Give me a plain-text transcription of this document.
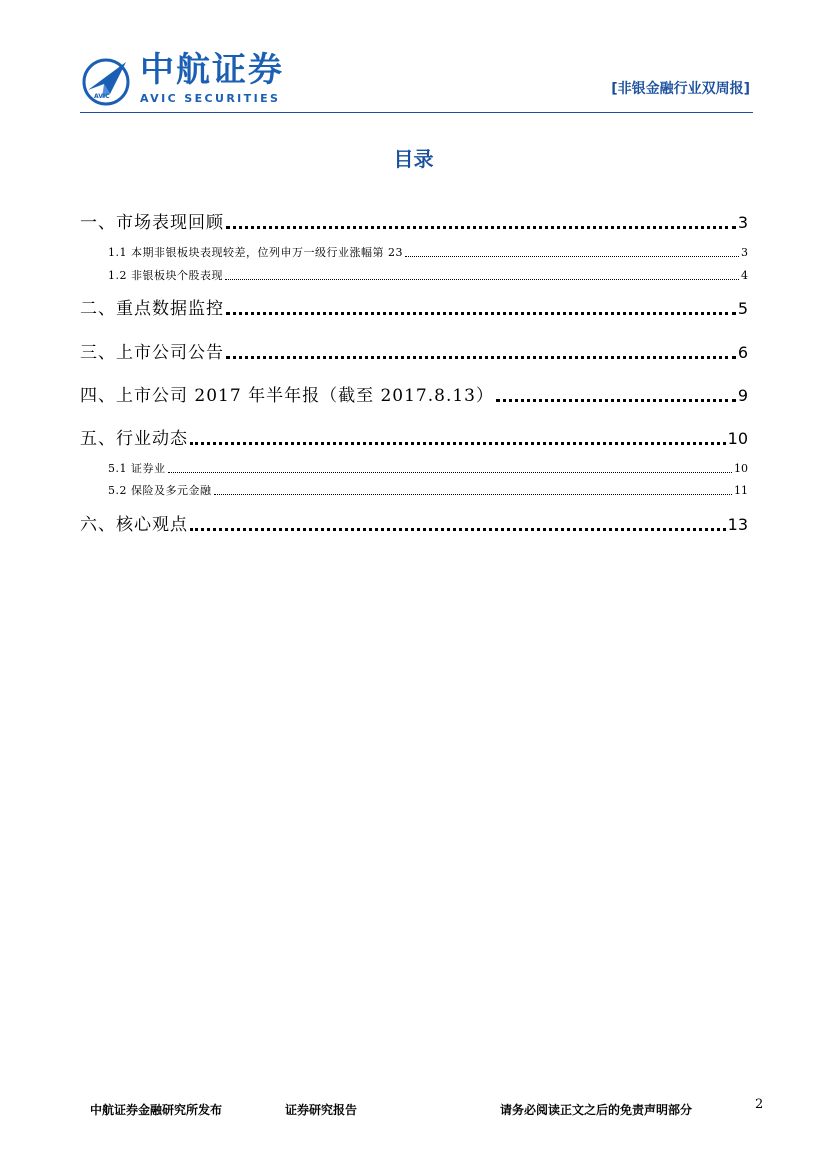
AVIC
中航证券
AVIC SECURITIES
[非银金融行业双周报]
目录
一、市场表现回顾	3
1.1 本期非银板块表现较差，位列申万一级行业涨幅第 23	3
1.2 非银板块个股表现	4
二、重点数据监控	5
三、上市公司公告	6
四、上市公司 2017 年半年报（截至 2017.8.13）	9
五、行业动态	10
5.1 证券业	10
5.2 保险及多元金融	11
六、核心观点	13
中航证券金融研究所发布	证券研究报告	请务必阅读正文之后的免责声明部分	2
